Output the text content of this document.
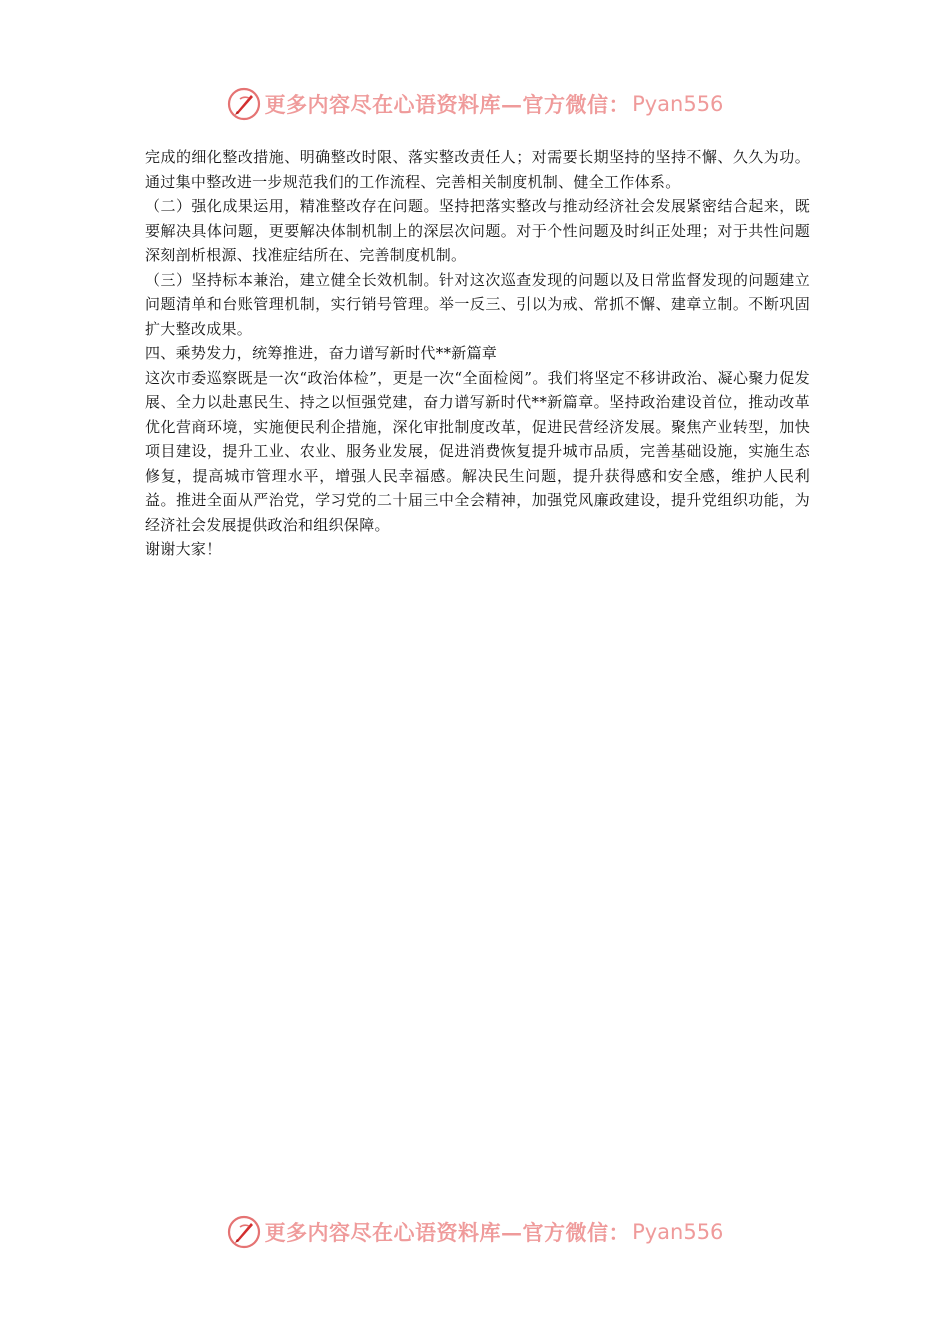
更多内容尽在心语资料库—官方微信： Pyan556

完成的细化整改措施、明确整改时限、落实整改责任人；对需要长期坚持的坚持不懈、久久为功。通过集中整改进一步规范我们的工作流程、完善相关制度机制、健全工作体系。

（二）强化成果运用，精准整改存在问题。坚持把落实整改与推动经济社会发展紧密结合起来，既要解决具体问题，更要解决体制机制上的深层次问题。对于个性问题及时纠正处理；对于共性问题深刻剖析根源、找准症结所在、完善制度机制。

（三）坚持标本兼治，建立健全长效机制。针对这次巡查发现的问题以及日常监督发现的问题建立问题清单和台账管理机制，实行销号管理。举一反三、引以为戒、常抓不懈、建章立制。不断巩固扩大整改成果。

四、乘势发力，统筹推进，奋力谱写新时代**新篇章

这次市委巡察既是一次“政治体检”，更是一次“全面检阅”。我们将坚定不移讲政治、凝心聚力促发展、全力以赴惠民生、持之以恒强党建，奋力谱写新时代**新篇章。坚持政治建设首位，推动改革优化营商环境，实施便民利企措施，深化审批制度改革，促进民营经济发展。聚焦产业转型，加快项目建设，提升工业、农业、服务业发展，促进消费恢复提升城市品质，完善基础设施，实施生态修复，提高城市管理水平，增强人民幸福感。解决民生问题，提升获得感和安全感，维护人民利益。推进全面从严治党，学习党的二十届三中全会精神，加强党风廉政建设，提升党组织功能，为经济社会发展提供政治和组织保障。

谢谢大家！

更多内容尽在心语资料库—官方微信： Pyan556
